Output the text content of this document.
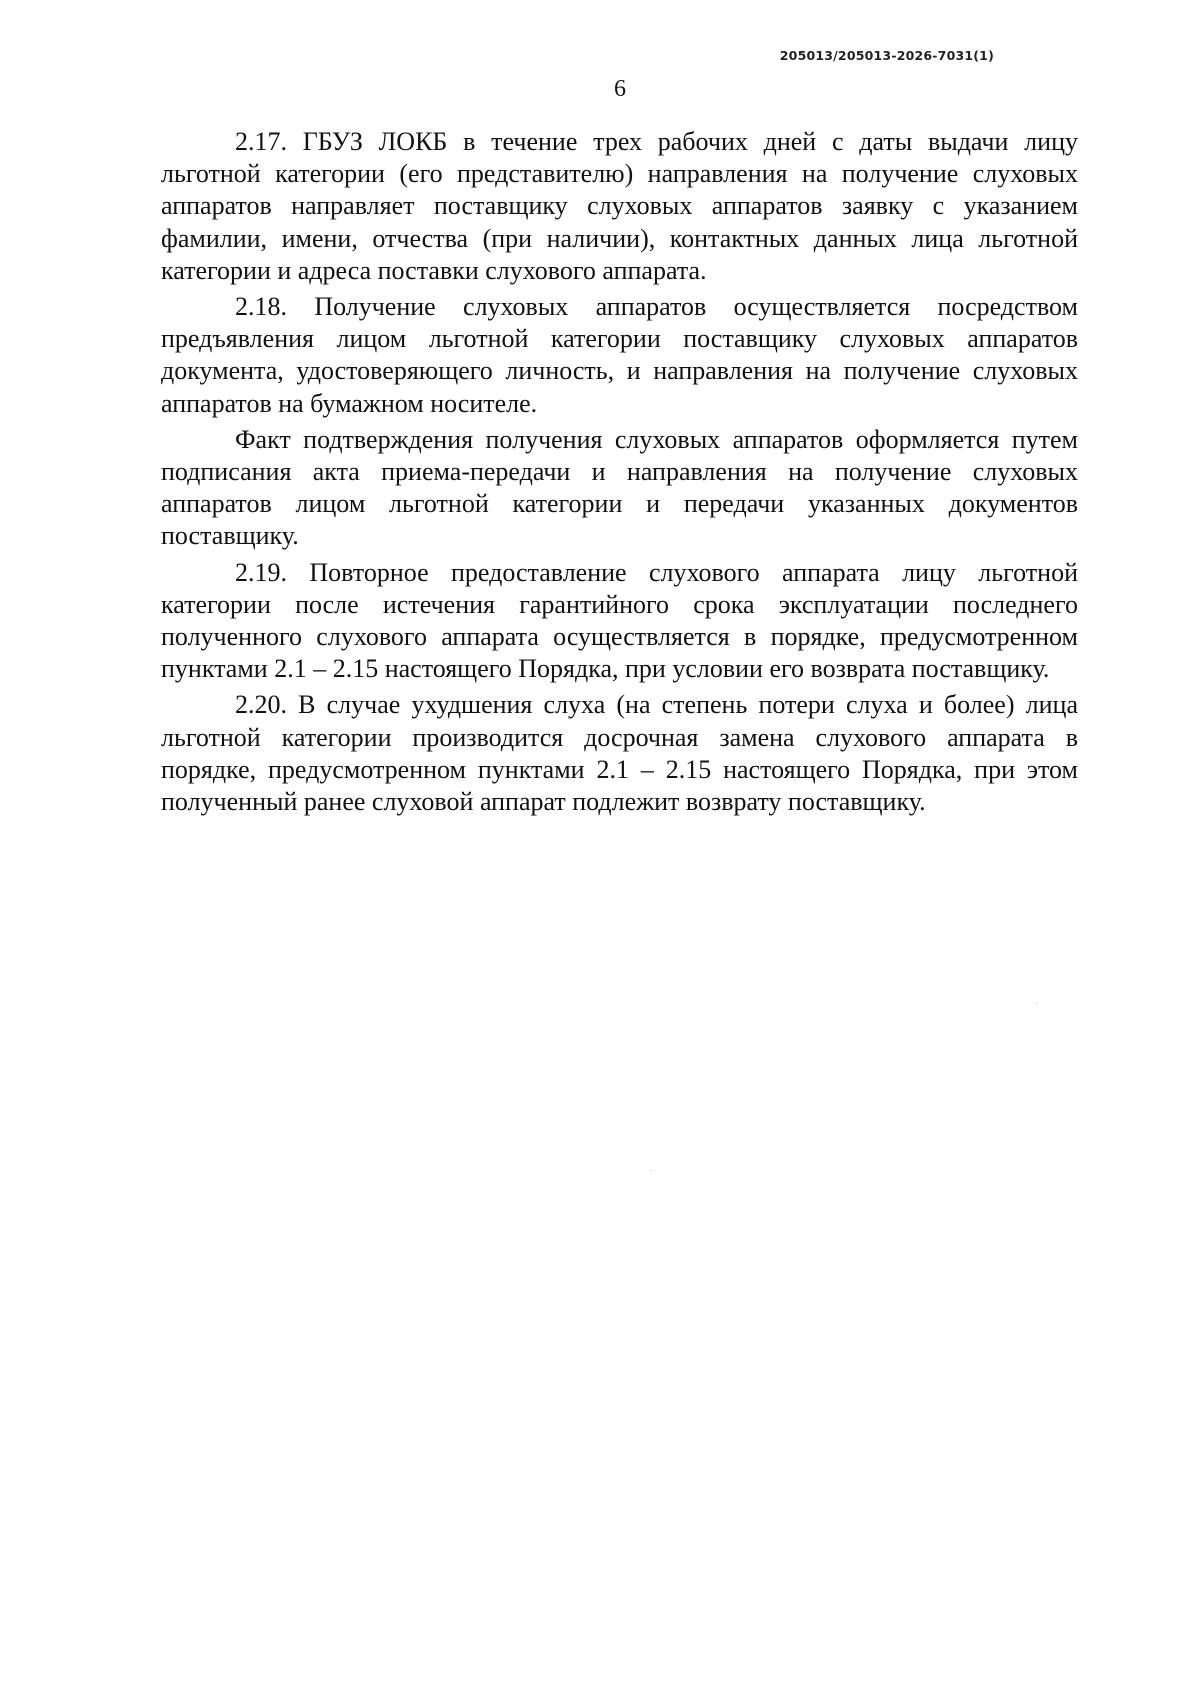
205013/205013-2026-7031(1)
6

2.17. ГБУЗ ЛОКБ в течение трех рабочих дней с даты выдачи лицу льготной категории (его представителю) направления на получение слуховых аппаратов направляет поставщику слуховых аппаратов заявку с указанием фамилии, имени, отчества (при наличии), контактных данных лица льготной категории и адреса поставки слухового аппарата.

2.18. Получение слуховых аппаратов осуществляется посредством предъявления лицом льготной категории поставщику слуховых аппаратов документа, удостоверяющего личность, и направления на получение слуховых аппаратов на бумажном носителе.

Факт подтверждения получения слуховых аппаратов оформляется путем подписания акта приема-передачи и направления на получение слуховых аппаратов лицом льготной категории и передачи указанных документов поставщику.

2.19. Повторное предоставление слухового аппарата лицу льготной категории после истечения гарантийного срока эксплуатации последнего полученного слухового аппарата осуществляется в порядке, предусмотренном пунктами 2.1 – 2.15 настоящего Порядка, при условии его возврата поставщику.

2.20. В случае ухудшения слуха (на степень потери слуха и более) лица льготной категории производится досрочная замена слухового аппарата в порядке, предусмотренном пунктами 2.1 – 2.15 настоящего Порядка, при этом полученный ранее слуховой аппарат подлежит возврату поставщику.
